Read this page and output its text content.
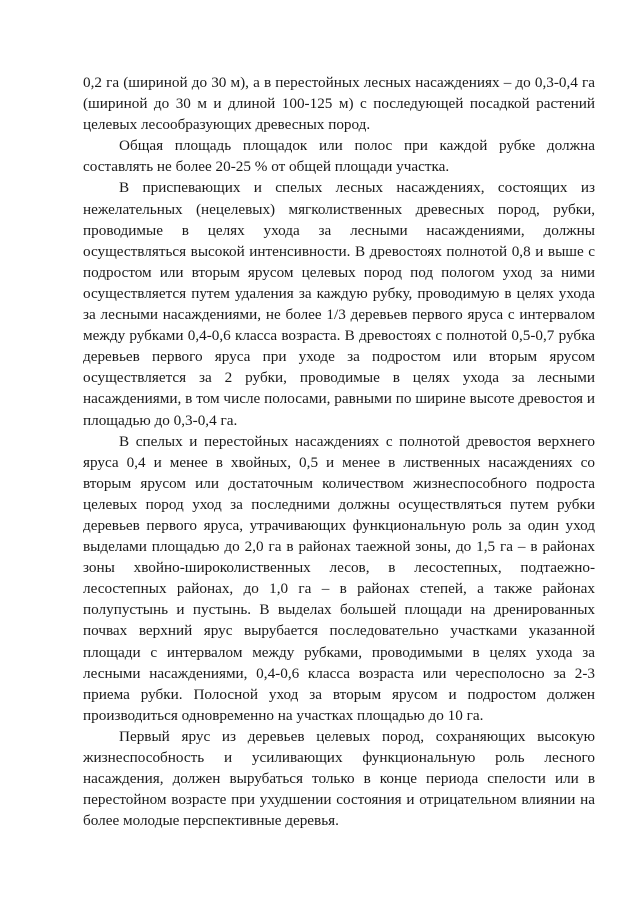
0,2 га (шириной до 30 м), а в перестойных лесных насаждениях – до 0,3-0,4 га (шириной до 30 м и длиной 100-125 м) с последующей посадкой растений целевых лесообразующих древесных пород.

Общая площадь площадок или полос при каждой рубке должна составлять не более 20-25 % от общей площади участка.

В приспевающих и спелых лесных насаждениях, состоящих из нежелательных (нецелевых) мягколиственных древесных пород, рубки, проводимые в целях ухода за лесными насаждениями, должны осуществляться высокой интенсивности. В древостоях полнотой 0,8 и выше с подростом или вторым ярусом целевых пород под пологом уход за ними осуществляется путем удаления за каждую рубку, проводимую в целях ухода за лесными насаждениями, не более 1/3 деревьев первого яруса с интервалом между рубками 0,4-0,6 класса возраста. В древостоях с полнотой 0,5-0,7 рубка деревьев первого яруса при уходе за подростом или вторым ярусом осуществляется за 2 рубки, проводимые в целях ухода за лесными насаждениями, в том числе полосами, равными по ширине высоте древостоя и площадью до 0,3-0,4 га.

В спелых и перестойных насаждениях с полнотой древостоя верхнего яруса 0,4 и менее в хвойных, 0,5 и менее в лиственных насаждениях со вторым ярусом или достаточным количеством жизнеспособного подроста целевых пород уход за последними должны осуществляться путем рубки деревьев первого яруса, утрачивающих функциональную роль за один уход выделами площадью до 2,0 га в районах таежной зоны, до 1,5 га – в районах зоны хвойно-широколиственных лесов, в лесостепных, подтаежно-лесостепных районах, до 1,0 га – в районах степей, а также районах полупустынь и пустынь. В выделах большей площади на дренированных почвах верхний ярус вырубается последовательно участками указанной площади с интервалом между рубками, проводимыми в целях ухода за лесными насаждениями, 0,4-0,6 класса возраста или чересполосно за 2-3 приема рубки. Полосной уход за вторым ярусом и подростом должен производиться одновременно на участках площадью до 10 га.

Первый ярус из деревьев целевых пород, сохраняющих высокую жизнеспособность и усиливающих функциональную роль лесного насаждения, должен вырубаться только в конце периода спелости или в перестойном возрасте при ухудшении состояния и отрицательном влиянии на более молодые перспективные деревья.
